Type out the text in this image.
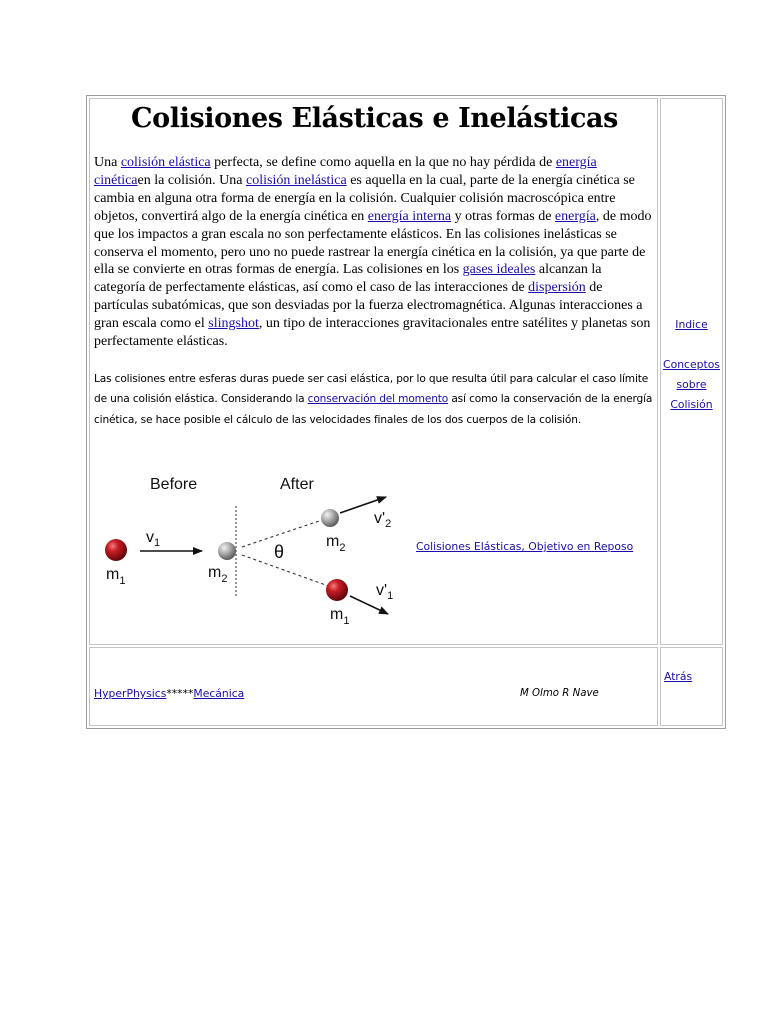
Colisiones Elásticas e Inelásticas

Una colisión elástica perfecta, se define como aquella en la que no hay pérdida de energía cinéticaen la colisión. Una colisión inelástica es aquella en la cual, parte de la energía cinética se cambia en alguna otra forma de energía en la colisión. Cualquier colisión macroscópica entre objetos, convertirá algo de la energía cinética en energía interna y otras formas de energía, de modo que los impactos a gran escala no son perfectamente elásticos. En las colisiones inelásticas se conserva el momento, pero uno no puede rastrear la energía cinética en la colisión, ya que parte de ella se convierte en otras formas de energía. Las colisiones en los gases ideales alcanzan la categoría de perfectamente elásticas, así como el caso de las interacciones de dispersión de partículas subatómicas, que son desviadas por la fuerza electromagnética. Algunas interacciones a gran escala como el slingshot, un tipo de interacciones gravitacionales entre satélites y planetas son perfectamente elásticas.

Las colisiones entre esferas duras puede ser casi elástica, por lo que resulta útil para calcular el caso límite de una colisión elástica. Considerando la conservación del momento así como la conservación de la energía cinética, se hace posible el cálculo de las velocidades finales de los dos cuerpos de la colisión.

Before	After
$v_1$
$m_1$	$m_2$
θ
$v'_2$
$m_2$
$v'_1$
$m_1$
Colisiones Elásticas, Objetivo en Reposo
Indice
Conceptos
sobre
Colisión
HyperPhysics*****Mecánica	M Olmo R Nave
Atrás
